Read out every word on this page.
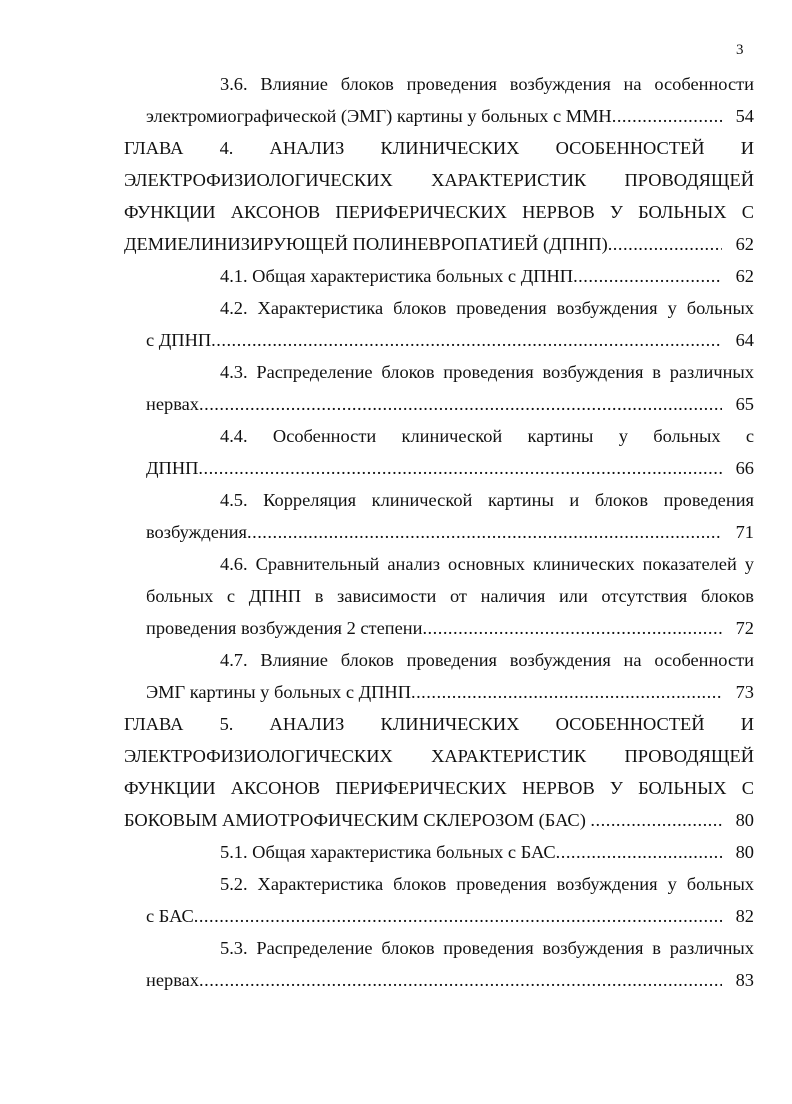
3
3.6. Влияние блоков проведения возбуждения на особенности
электромиографической (ЭМГ) картины у больных с ММН .....	54
ГЛАВА 4. АНАЛИЗ КЛИНИЧЕСКИХ ОСОБЕННОСТЕЙ И
ЭЛЕКТРОФИЗИОЛОГИЧЕСКИХ ХАРАКТЕРИСТИК ПРОВОДЯЩЕЙ
ФУНКЦИИ АКСОНОВ ПЕРИФЕРИЧЕСКИХ НЕРВОВ У БОЛЬНЫХ С
ДЕМИЕЛИНИЗИРУЮЩЕЙ ПОЛИНЕВРОПАТИЕЙ (ДПНП) .....	62
4.1. Общая характеристика больных с ДПНП .....	62
4.2. Характеристика блоков проведения возбуждения у больных
с ДПНП .....	64
4.3. Распределение блоков проведения возбуждения в различных
нервах .....	65
4.4. Особенности клинической картины у больных с
ДПНП .....	66
4.5. Корреляция клинической картины и блоков проведения
возбуждения .....	71
4.6. Сравнительный анализ основных клинических показателей у
больных с ДПНП в зависимости от наличия или отсутствия блоков
проведения возбуждения 2 степени .....	72
4.7. Влияние блоков проведения возбуждения на особенности
ЭМГ картины у больных с ДПНП .....	73
ГЛАВА 5. АНАЛИЗ КЛИНИЧЕСКИХ ОСОБЕННОСТЕЙ И
ЭЛЕКТРОФИЗИОЛОГИЧЕСКИХ ХАРАКТЕРИСТИК ПРОВОДЯЩЕЙ
ФУНКЦИИ АКСОНОВ ПЕРИФЕРИЧЕСКИХ НЕРВОВ У БОЛЬНЫХ С
БОКОВЫМ АМИОТРОФИЧЕСКИМ СКЛЕРОЗОМ (БАС) .....	80
5.1. Общая характеристика больных с БАС .....	80
5.2. Характеристика блоков проведения возбуждения у больных
с БАС .....	82
5.3. Распределение блоков проведения возбуждения в различных
нервах .....	83
